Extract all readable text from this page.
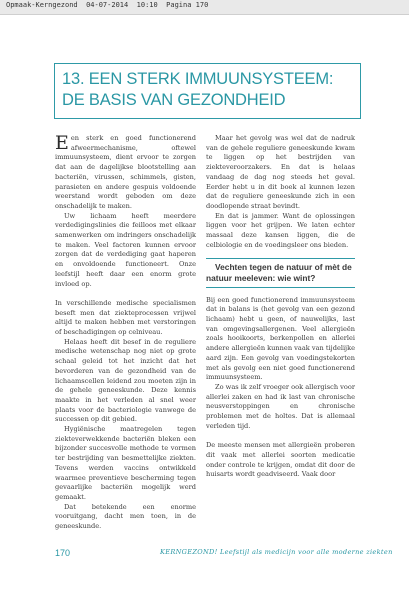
Opmaak-Kerngezond  04-07-2014  10:10  Pagina 170
13. EEN STERK IMMUUNSYSTEEM: DE BASIS VAN GEZONDHEID

Een sterk en goed functionerend afweermechanisme, oftewel immuunsysteem, dient ervoor te zorgen dat aan de dagelijkse blootstelling aan bacteriën, virussen, schimmels, gisten, parasieten en andere gespuis voldoende weerstand wordt geboden om deze onschadelijk te maken.

Uw lichaam heeft meerdere verdedigingslinies die feilloos met elkaar samenwerken om indringers onschadelijk te maken. Veel factoren kunnen ervoor zorgen dat de verdediging gaat haperen en onvoldoende functioneert. Onze leefstijl heeft daar een enorm grote invloed op.

In verschillende medische specialismen beseft men dat ziekteprocessen vrijwel altijd te maken hebben met verstoringen of beschadigingen op celniveau.

Helaas heeft dit besef in de reguliere medische wetenschap nog niet op grote schaal geleid tot het inzicht dat het bevorderen van de gezondheid van de lichaamscellen leidend zou moeten zijn in de gehele geneeskunde. Deze kennis maakte in het verleden al snel weer plaats voor de bacteriologie vanwege de successen op dit gebied.

Hygiënische maatregelen tegen ziekteverwekkende bacteriën bleken een bijzonder succesvolle methode te vormen ter bestrijding van besmettelijke ziekten. Tevens werden vaccins ontwikkeld waarmee preventieve bescherming tegen gevaarlijke bacteriën mogelijk werd gemaakt.

Dat betekende een enorme vooruitgang, dacht men toen, in de geneeskunde.

Maar het gevolg was wel dat de nadruk van de gehele reguliere geneeskunde kwam te liggen op het bestrijden van ziekteveroorzakers. En dat is helaas vandaag de dag nog steeds het geval. Eerder hebt u in dit boek al kunnen lezen dat de reguliere geneeskunde zich in een doodlopende straat bevindt.

En dat is jammer. Want de oplossingen liggen voor het grijpen. We laten echter massaal deze kansen liggen, die de celbiologie en de voedingsleer ons bieden.

Vechten tegen de natuur of mèt de natuur meeleven: wie wint?

Bij een goed functionerend immuunsysteem dat in balans is (het gevolg van een gezond lichaam) hebt u geen, of nauwelijks, last van omgevingsallergenen. Veel allergieën zoals hooikoorts, berkenpollen en allerlei andere allergieën kunnen vaak van tijdelijke aard zijn. Een gevolg van voedingstekorten met als gevolg een niet goed functionerend immuunsysteem.

Zo was ik zelf vroeger ook allergisch voor allerlei zaken en had ik last van chronische neusverstoppingen en chronische problemen met de holtes. Dat is allemaal verleden tijd.

De meeste mensen met allergieën proberen dit vaak met allerlei soorten medicatie onder controle te krijgen, omdat dit door de huisarts wordt geadviseerd. Vaak door

170	KERNGEZOND! Leefstijl als medicijn voor alle moderne ziekten
